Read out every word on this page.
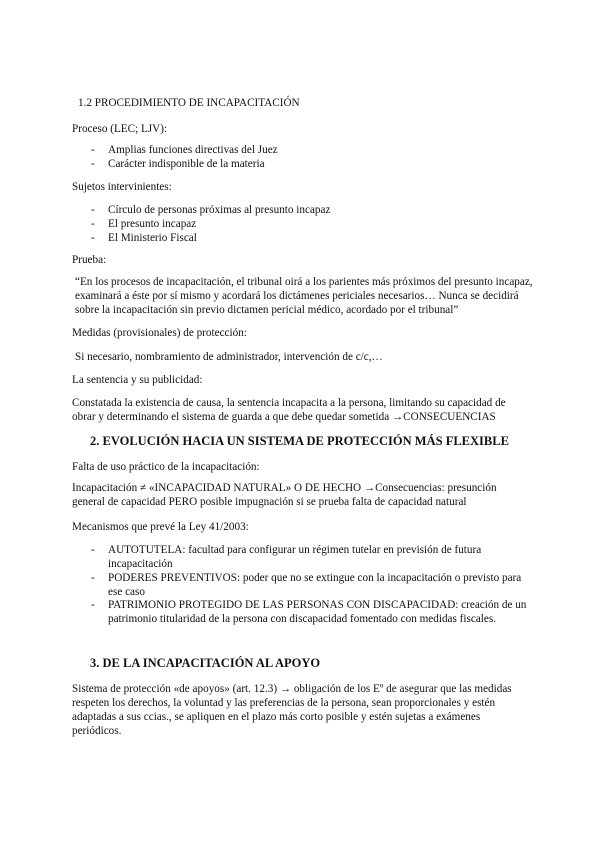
1.2 PROCEDIMIENTO DE INCAPACITACIÓN

Proceso (LEC; LJV):

- Amplias funciones directivas del Juez
- Carácter indisponible de la materia

Sujetos intervinientes:

- Círculo de personas próximas al presunto incapaz
- El presunto incapaz
- El Ministerio Fiscal

Prueba:

“En los procesos de incapacitación, el tribunal oirá a los parientes más próximos del presunto incapaz, examinará a éste por sí mismo y acordará los dictámenes periciales necesarios… Nunca se decidirá sobre la incapacitación sin previo dictamen pericial médico, acordado por el tribunal”

Medidas (provisionales) de protección:

Si necesario, nombramiento de administrador, intervención de c/c,…

La sentencia y su publicidad:

Constatada la existencia de causa, la sentencia incapacita a la persona, limitando su capacidad de obrar y determinando el sistema de guarda a que debe quedar sometida →CONSECUENCIAS

2. EVOLUCIÓN HACIA UN SISTEMA DE PROTECCIÓN MÁS FLEXIBLE

Falta de uso práctico de la incapacitación:

Incapacitación ≠ «INCAPACIDAD NATURAL» O DE HECHO →Consecuencias: presunción general de capacidad PERO posible impugnación si se prueba falta de capacidad natural

Mecanismos que prevé la Ley 41/2003:

- AUTOTUTELA: facultad para configurar un régimen tutelar en previsión de futura incapacitación
- PODERES PREVENTIVOS: poder que no se extingue con la incapacitación o previsto para ese caso
- PATRIMONIO PROTEGIDO DE LAS PERSONAS CON DISCAPACIDAD: creación de un patrimonio titularidad de la persona con discapacidad fomentado con medidas fiscales.

3. DE LA INCAPACITACIÓN AL APOYO

Sistema de protección «de apoyos» (art. 12.3) → obligación de los Eº de asegurar que las medidas respeten los derechos, la voluntad y las preferencias de la persona, sean proporcionales y estén adaptadas a sus ccias., se apliquen en el plazo más corto posible y estén sujetas a exámenes periódicos.
